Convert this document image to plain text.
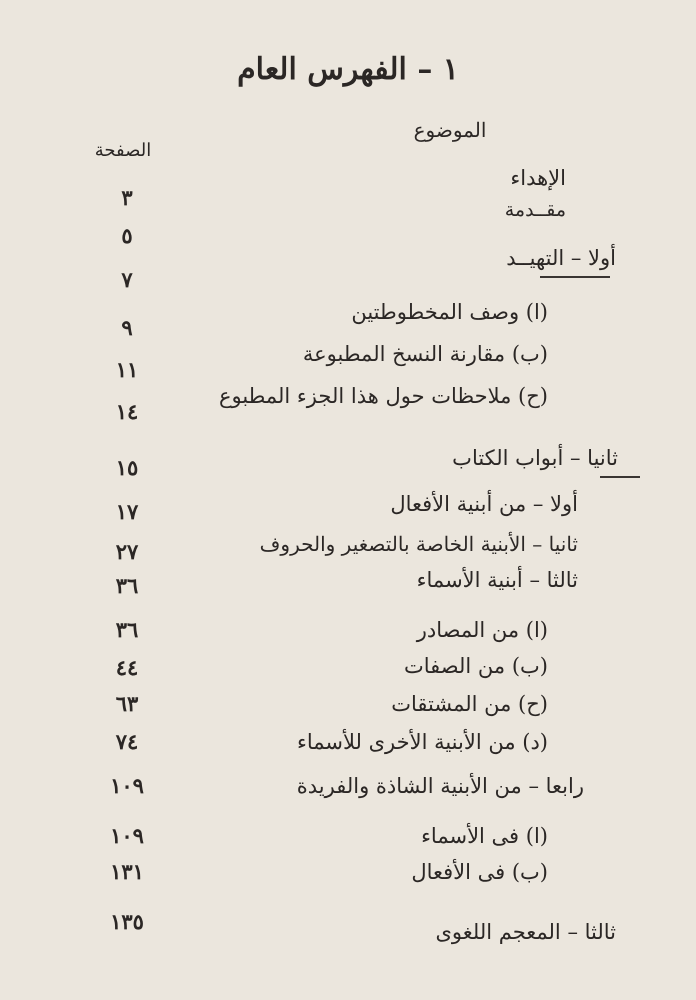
١ – الفهرس العام
الموضوع
الصفحة
الإهداء
٣	مقــدمة
٥
أولا – التهيــد
٧
(ا) وصف المخطوطتين
٩
(ب) مقارنة النسخ المطبوعة
١١
(ح) ملاحظات حول هذا الجزء المطبوع
١٤
ثانيا – أبواب الكتاب
١٥
أولا – من أبنية الأفعال
١٧
ثانيا – الأبنية الخاصة بالتصغير والحروف
٢٧
ثالثا – أبنية الأسماء
٣٦
(ا) من المصادر
٣٦
(ب) من الصفات
٤٤
(ح) من المشتقات
٦٣
(د) من الأبنية الأخرى للأسماء
٧٤
رابعا – من الأبنية الشاذة والفريدة
١٠٩
(ا) فى الأسماء
١٠٩
(ب) فى الأفعال
١٣١
ثالثا – المعجم اللغوى
١٣٥
